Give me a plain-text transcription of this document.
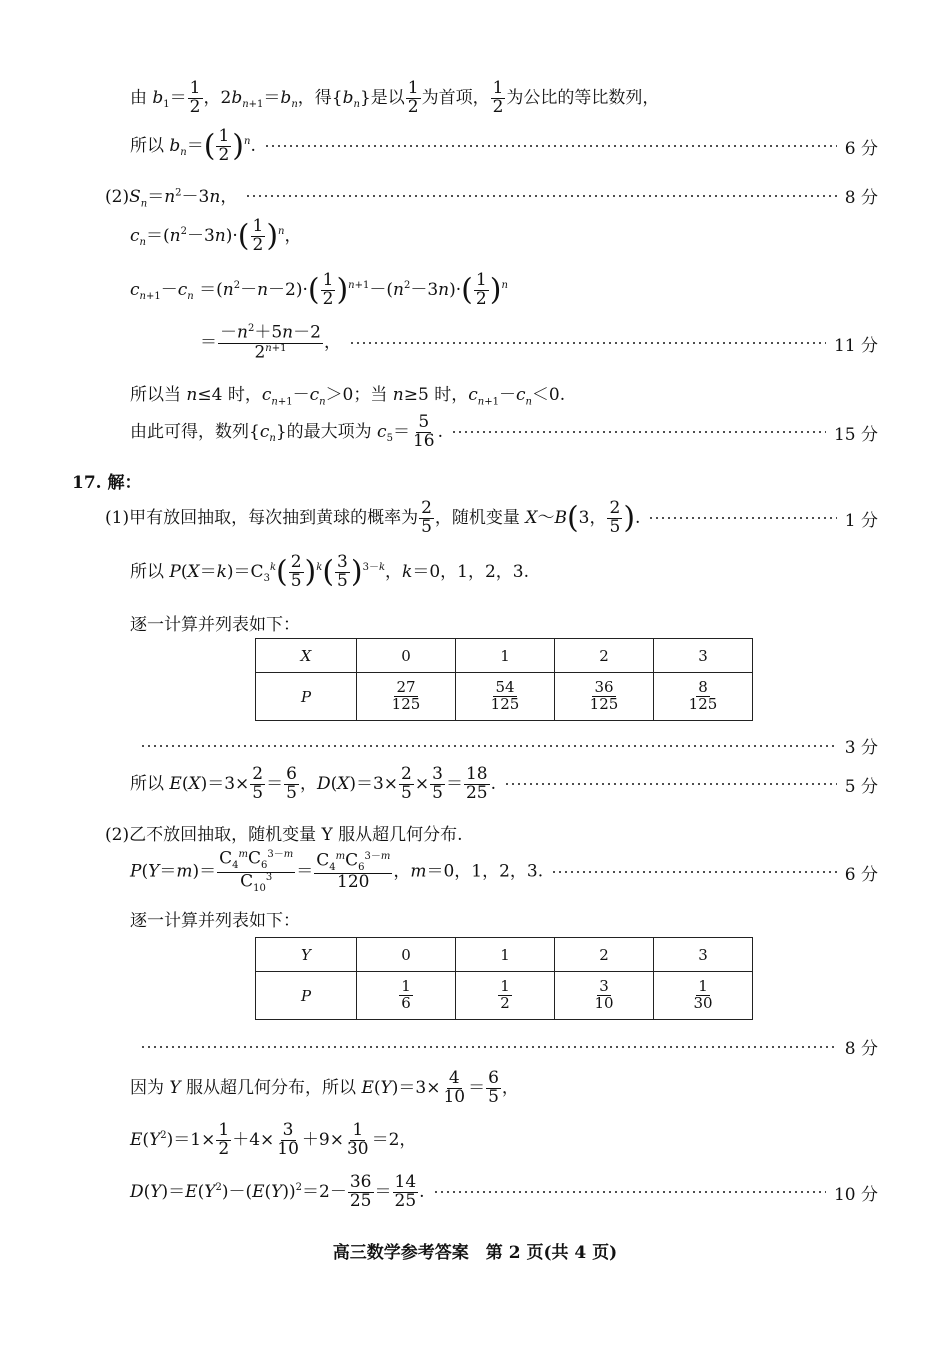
由 $b_1= \frac{1}{2}$ ，$2b_{n+1}=b_n$，得$\{b_n\}$是以 $\frac{1}{2}$ 为首项， $\frac{1}{2}$ 为公比的等比数列，
所以 $b_n=( \frac{1}{2} )^n$.	6 分
$(2)S_n=n^2-3n$，	8 分
$c_n=(n^2-3n)\cdot( \frac{1}{2} )^n$，
$c_{n+1}-c_n =(n^2-n-2)\cdot( \frac{1}{2} )^{n+1}-(n^2-3n)\cdot( \frac{1}{2} )^n$
＝ $\frac{-n^2+5n-2}{2^{n+1}}$ ，	11 分
所以当 n≤4 时，$c_{n+1}-c_n>0$；当 n≥5 时，$c_{n+1}-c_n<0$.
由此可得，数列$\{c_n\}$的最大项为 $c_5= \frac{5}{16}$ .	15 分
17. 解：
(1)甲有放回抽取，每次抽到黄球的概率为 $\frac{2}{5}$ ，随机变量 X～B(3， $\frac{2}{5}$ ).	1 分
所以 $P(X=k)=C_3^k( \frac{2}{5} )^k( \frac{3}{5} )^{3-k}$，k＝0，1，2，3.
逐一计算并列表如下：
X	0	1	2	3
P	$\frac{27}{125}$	$\frac{54}{125}$	$\frac{36}{125}$	$\frac{8}{125}$
3 分
所以 $E(X)=3\times \frac{2}{5} = \frac{6}{5}$ ，$D(X)=3\times \frac{2}{5} \times \frac{3}{5} = \frac{18}{25}$ .	5 分
(2)乙不放回抽取，随机变量 Y 服从超几何分布.
$P(Y=m)= \frac{C_4^mC_6^{3-m}}{C_{10}^3} = \frac{C_4^mC_6^{3-m}}{120}$ ，m＝0，1，2，3.	6 分
逐一计算并列表如下：
Y	0	1	2	3
P	$\frac{1}{6}$	$\frac{1}{2}$	$\frac{3}{10}$	$\frac{1}{30}$
8 分
因为 Y 服从超几何分布，所以 $E(Y)=3\times \frac{4}{10} = \frac{6}{5}$ ，
$E(Y^2)=1\times \frac{1}{2} +4\times \frac{3}{10} +9\times \frac{1}{30} =2$，
$D(Y)=E(Y^2)-(E(Y))^2=2- \frac{36}{25} = \frac{14}{25}$ .	10 分
高三数学参考答案　第 2 页(共 4 页)
